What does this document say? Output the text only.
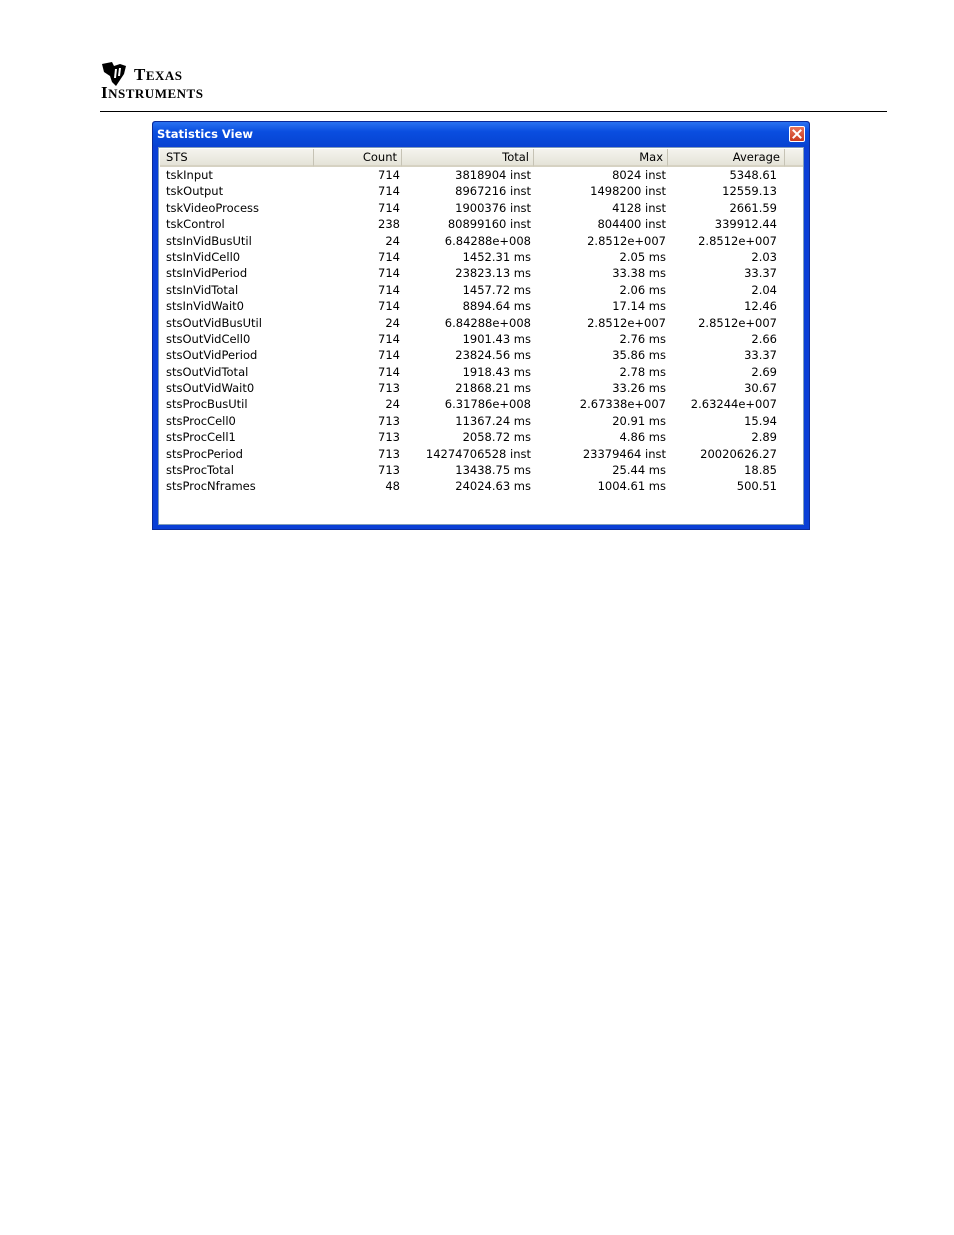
TEXAS
INSTRUMENTS
Statistics View
STS	Count	Total	Max	Average
tskInput	714	3818904 inst	8024 inst	5348.61
tskOutput	714	8967216 inst	1498200 inst	12559.13
tskVideoProcess	714	1900376 inst	4128 inst	2661.59
tskControl	238	80899160 inst	804400 inst	339912.44
stsInVidBusUtil	24	6.84288e+008	2.8512e+007	2.8512e+007
stsInVidCell0	714	1452.31 ms	2.05 ms	2.03
stsInVidPeriod	714	23823.13 ms	33.38 ms	33.37
stsInVidTotal	714	1457.72 ms	2.06 ms	2.04
stsInVidWait0	714	8894.64 ms	17.14 ms	12.46
stsOutVidBusUtil	24	6.84288e+008	2.8512e+007	2.8512e+007
stsOutVidCell0	714	1901.43 ms	2.76 ms	2.66
stsOutVidPeriod	714	23824.56 ms	35.86 ms	33.37
stsOutVidTotal	714	1918.43 ms	2.78 ms	2.69
stsOutVidWait0	713	21868.21 ms	33.26 ms	30.67
stsProcBusUtil	24	6.31786e+008	2.67338e+007	2.63244e+007
stsProcCell0	713	11367.24 ms	20.91 ms	15.94
stsProcCell1	713	2058.72 ms	4.86 ms	2.89
stsProcPeriod	713	14274706528 inst	23379464 inst	20020626.27
stsProcTotal	713	13438.75 ms	25.44 ms	18.85
stsProcNframes	48	24024.63 ms	1004.61 ms	500.51
